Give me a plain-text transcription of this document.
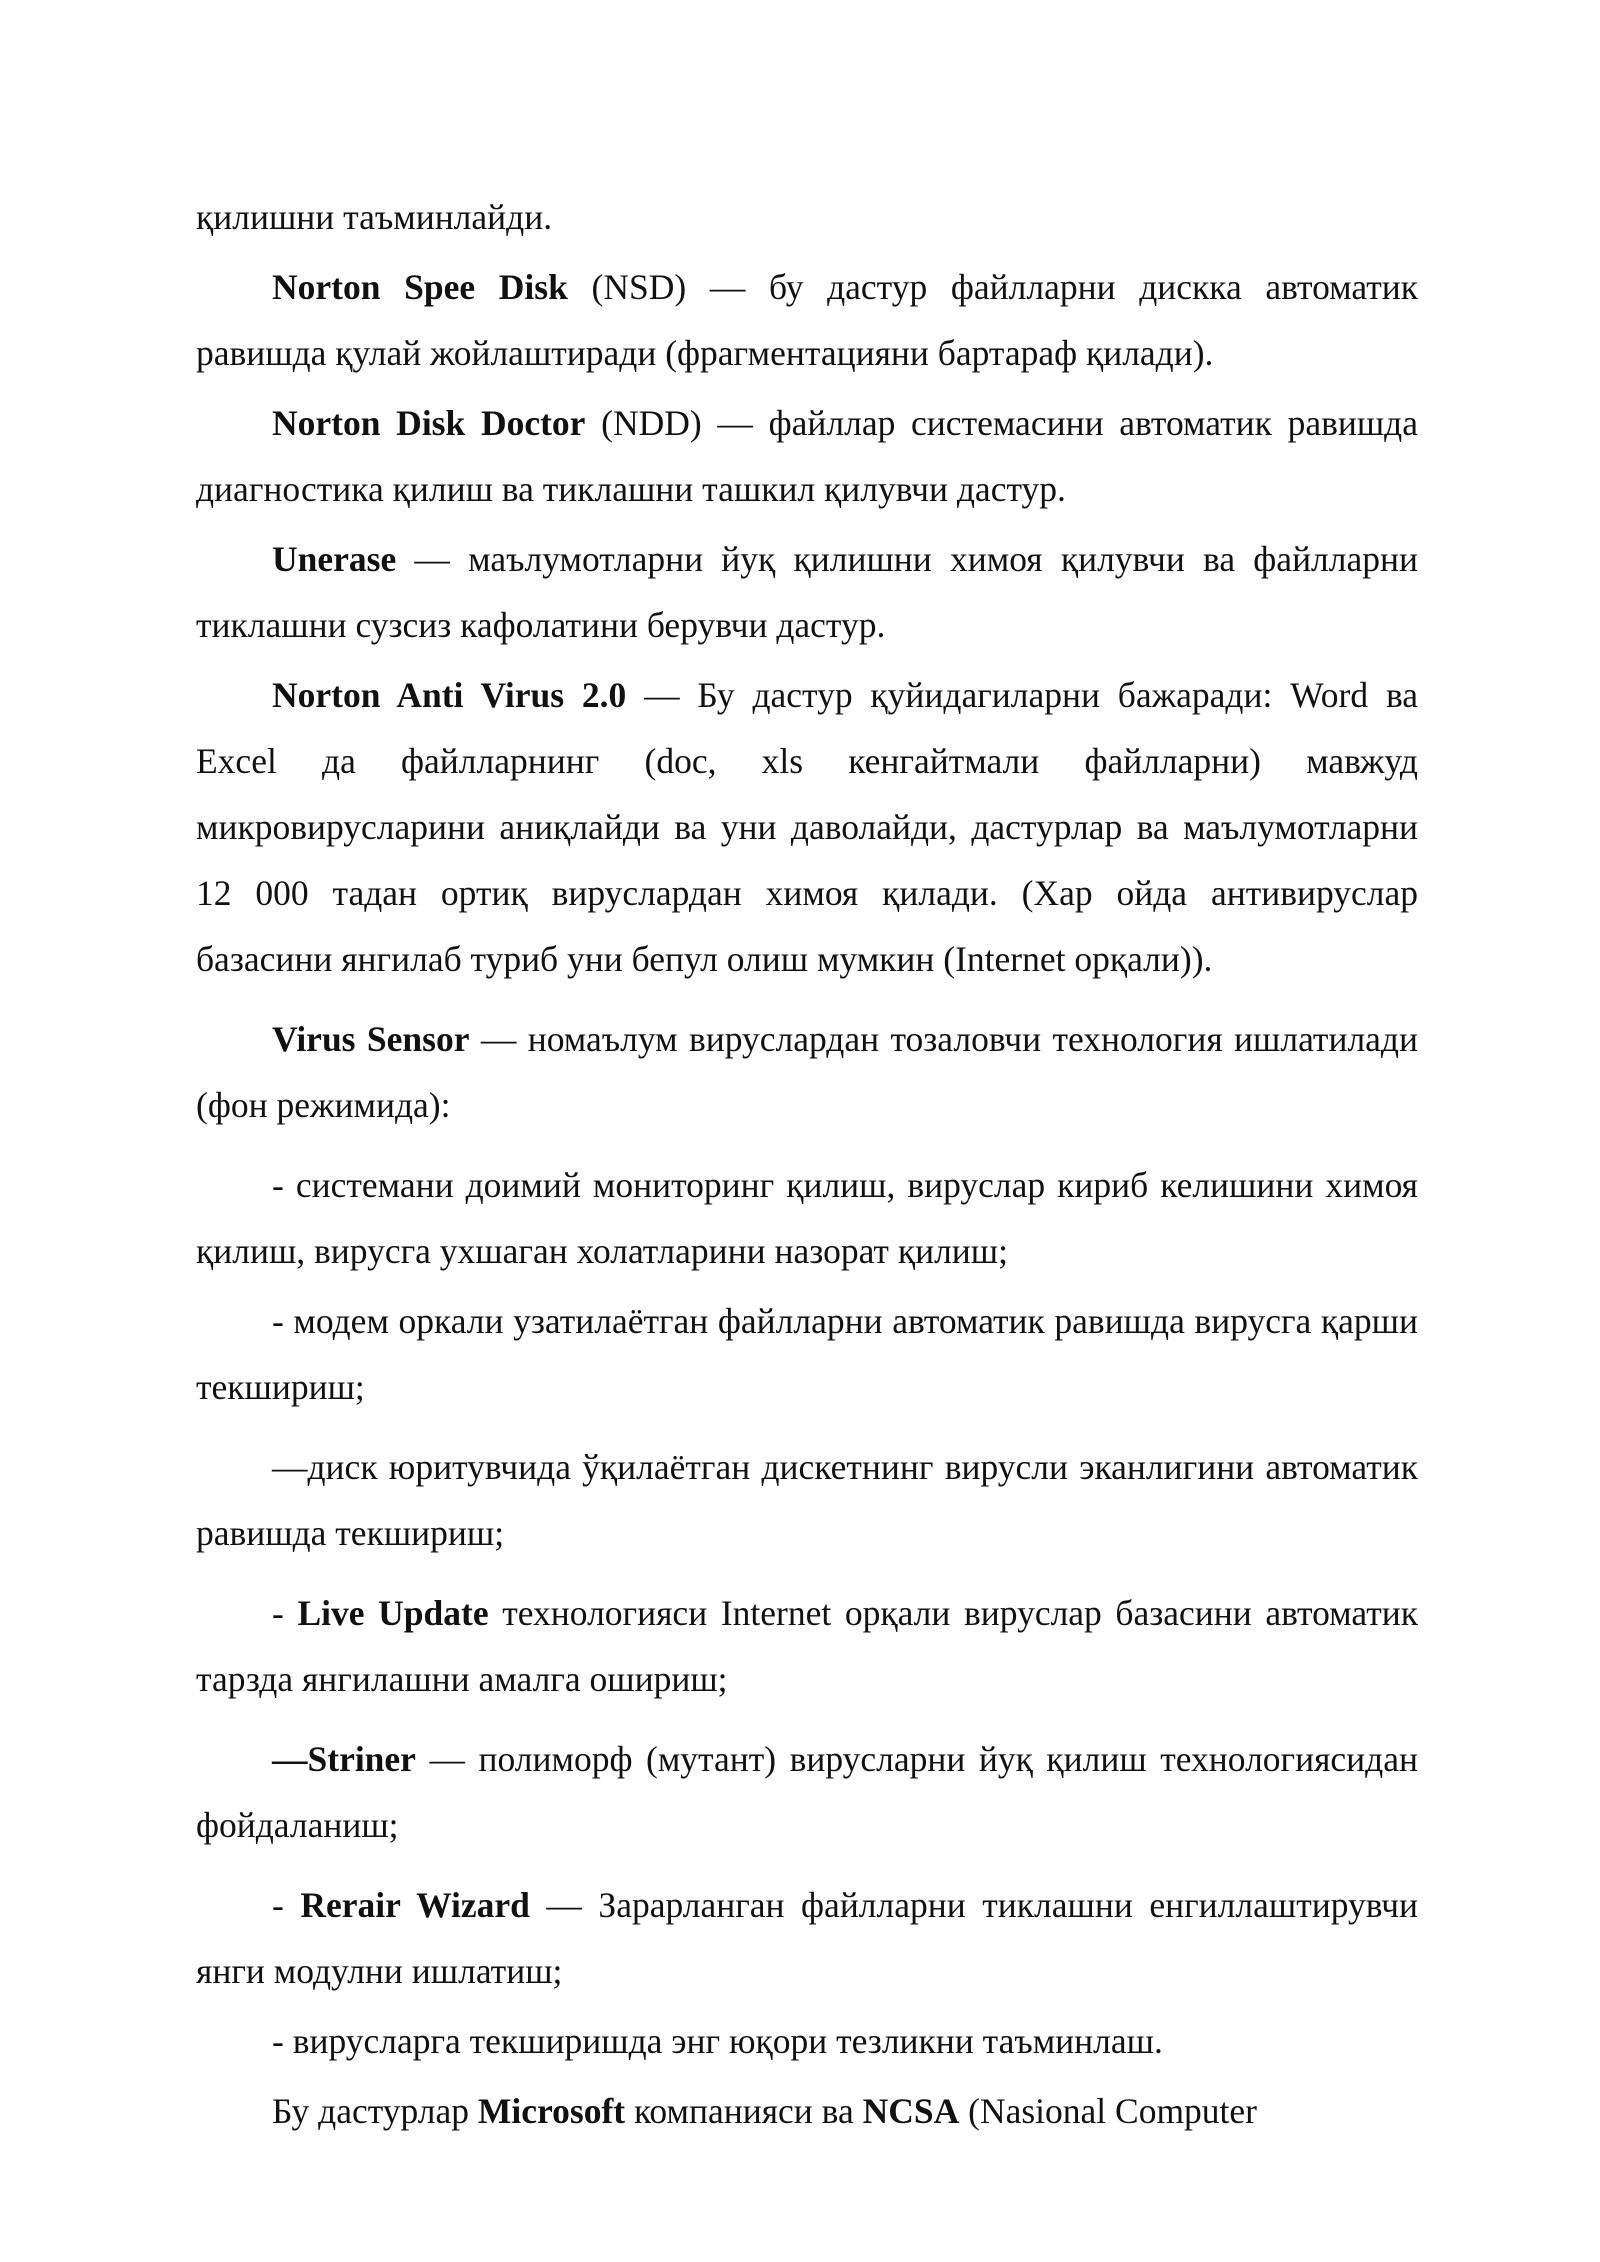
қилишни таъминлайди.

Norton Spee Disk (NSD) — бу дастур файлларни дискка автоматик равишда қулай жойлаштиради (фрагментацияни бартараф қилади).

Norton Disk Doctor (NDD) — файллар системасини автоматик равишда диагностика қилиш ва тиклашни ташкил қилувчи дастур.

Unerase — маълумотларни йуқ қилишни химоя қилувчи ва файлларни тиклашни сузсиз кафолатини берувчи дастур.

Norton Anti Virus 2.0 — Бу дастур қуйидагиларни бажаради: Word ва Excel да файлларнинг (doc, xls кенгайтмали файлларни) мавжуд микровирусларини аниқлайди ва уни даволайди, дастурлар ва маълумотларни 12 000 тадан ортиқ вируслардан химоя қилади. (Хар ойда антивируслар базасини янгилаб туриб уни бепул олиш мумкин (Internet орқали)).

Virus Sensor — номаълум вируслардан тозаловчи технология ишлатилади (фон режимида):

- системани доимий мониторинг қилиш, вируслар кириб келишини химоя қилиш, вирусга ухшаган холатларини назорат қилиш;

- модем оркали узатилаётган файлларни автоматик равишда вирусга қарши текшириш;

—диск юритувчида ўқилаётган дискетнинг вирусли эканлигини автоматик равишда текшириш;

- Live Update технологияси Internet орқали вируслар базасини автоматик тарзда янгилашни амалга ошириш;

—Striner — полиморф (мутант) вирусларни йуқ қилиш технологиясидан фойдаланиш;

- Rerair Wizard — Зарарланган файлларни тиклашни енгиллаштирувчи янги модулни ишлатиш;

- вирусларга текширишда энг юқори тезликни таъминлаш.

Бу дастурлар Microsoft компанияси ва NCSA (Nasional Computer
